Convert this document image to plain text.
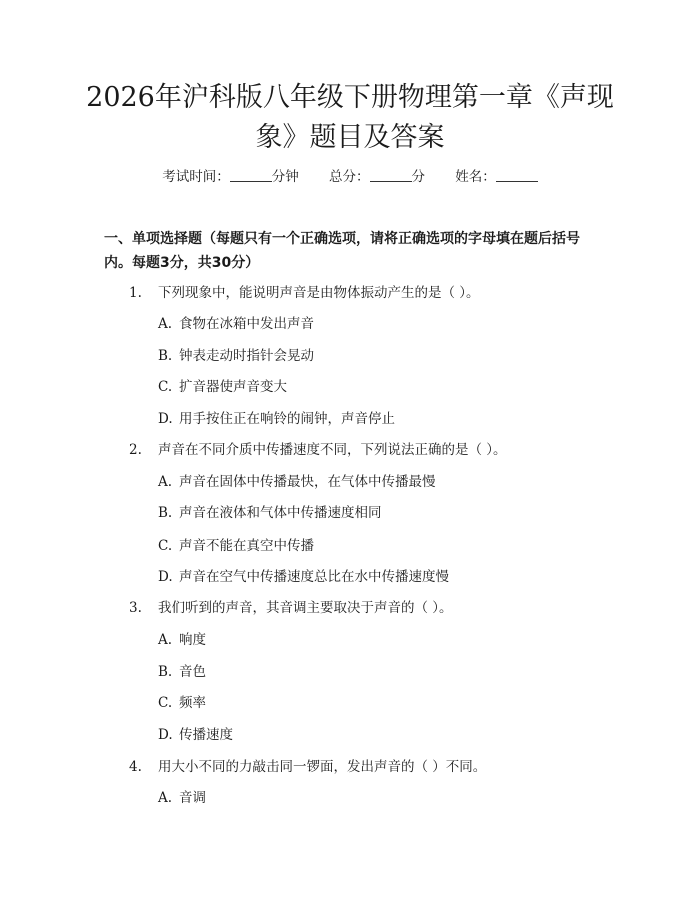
2026年沪科版八年级下册物理第一章《声现
象》题目及答案
考试时间：	分钟 总分：	分 姓名：
一、单项选择题（每题只有一个正确选项，请将正确选项的字母填在题后括号内。每题3分，共30分）
1. 下列现象中，能说明声音是由物体振动产生的是（ ）。
A. 食物在冰箱中发出声音
B. 钟表走动时指针会晃动
C. 扩音器使声音变大
D. 用手按住正在响铃的闹钟，声音停止
2. 声音在不同介质中传播速度不同，下列说法正确的是（ ）。
A. 声音在固体中传播最快，在气体中传播最慢
B. 声音在液体和气体中传播速度相同
C. 声音不能在真空中传播
D. 声音在空气中传播速度总比在水中传播速度慢
3. 我们听到的声音，其音调主要取决于声音的（ ）。
A. 响度
B. 音色
C. 频率
D. 传播速度
4. 用大小不同的力敲击同一锣面，发出声音的（ ）不同。
A. 音调
